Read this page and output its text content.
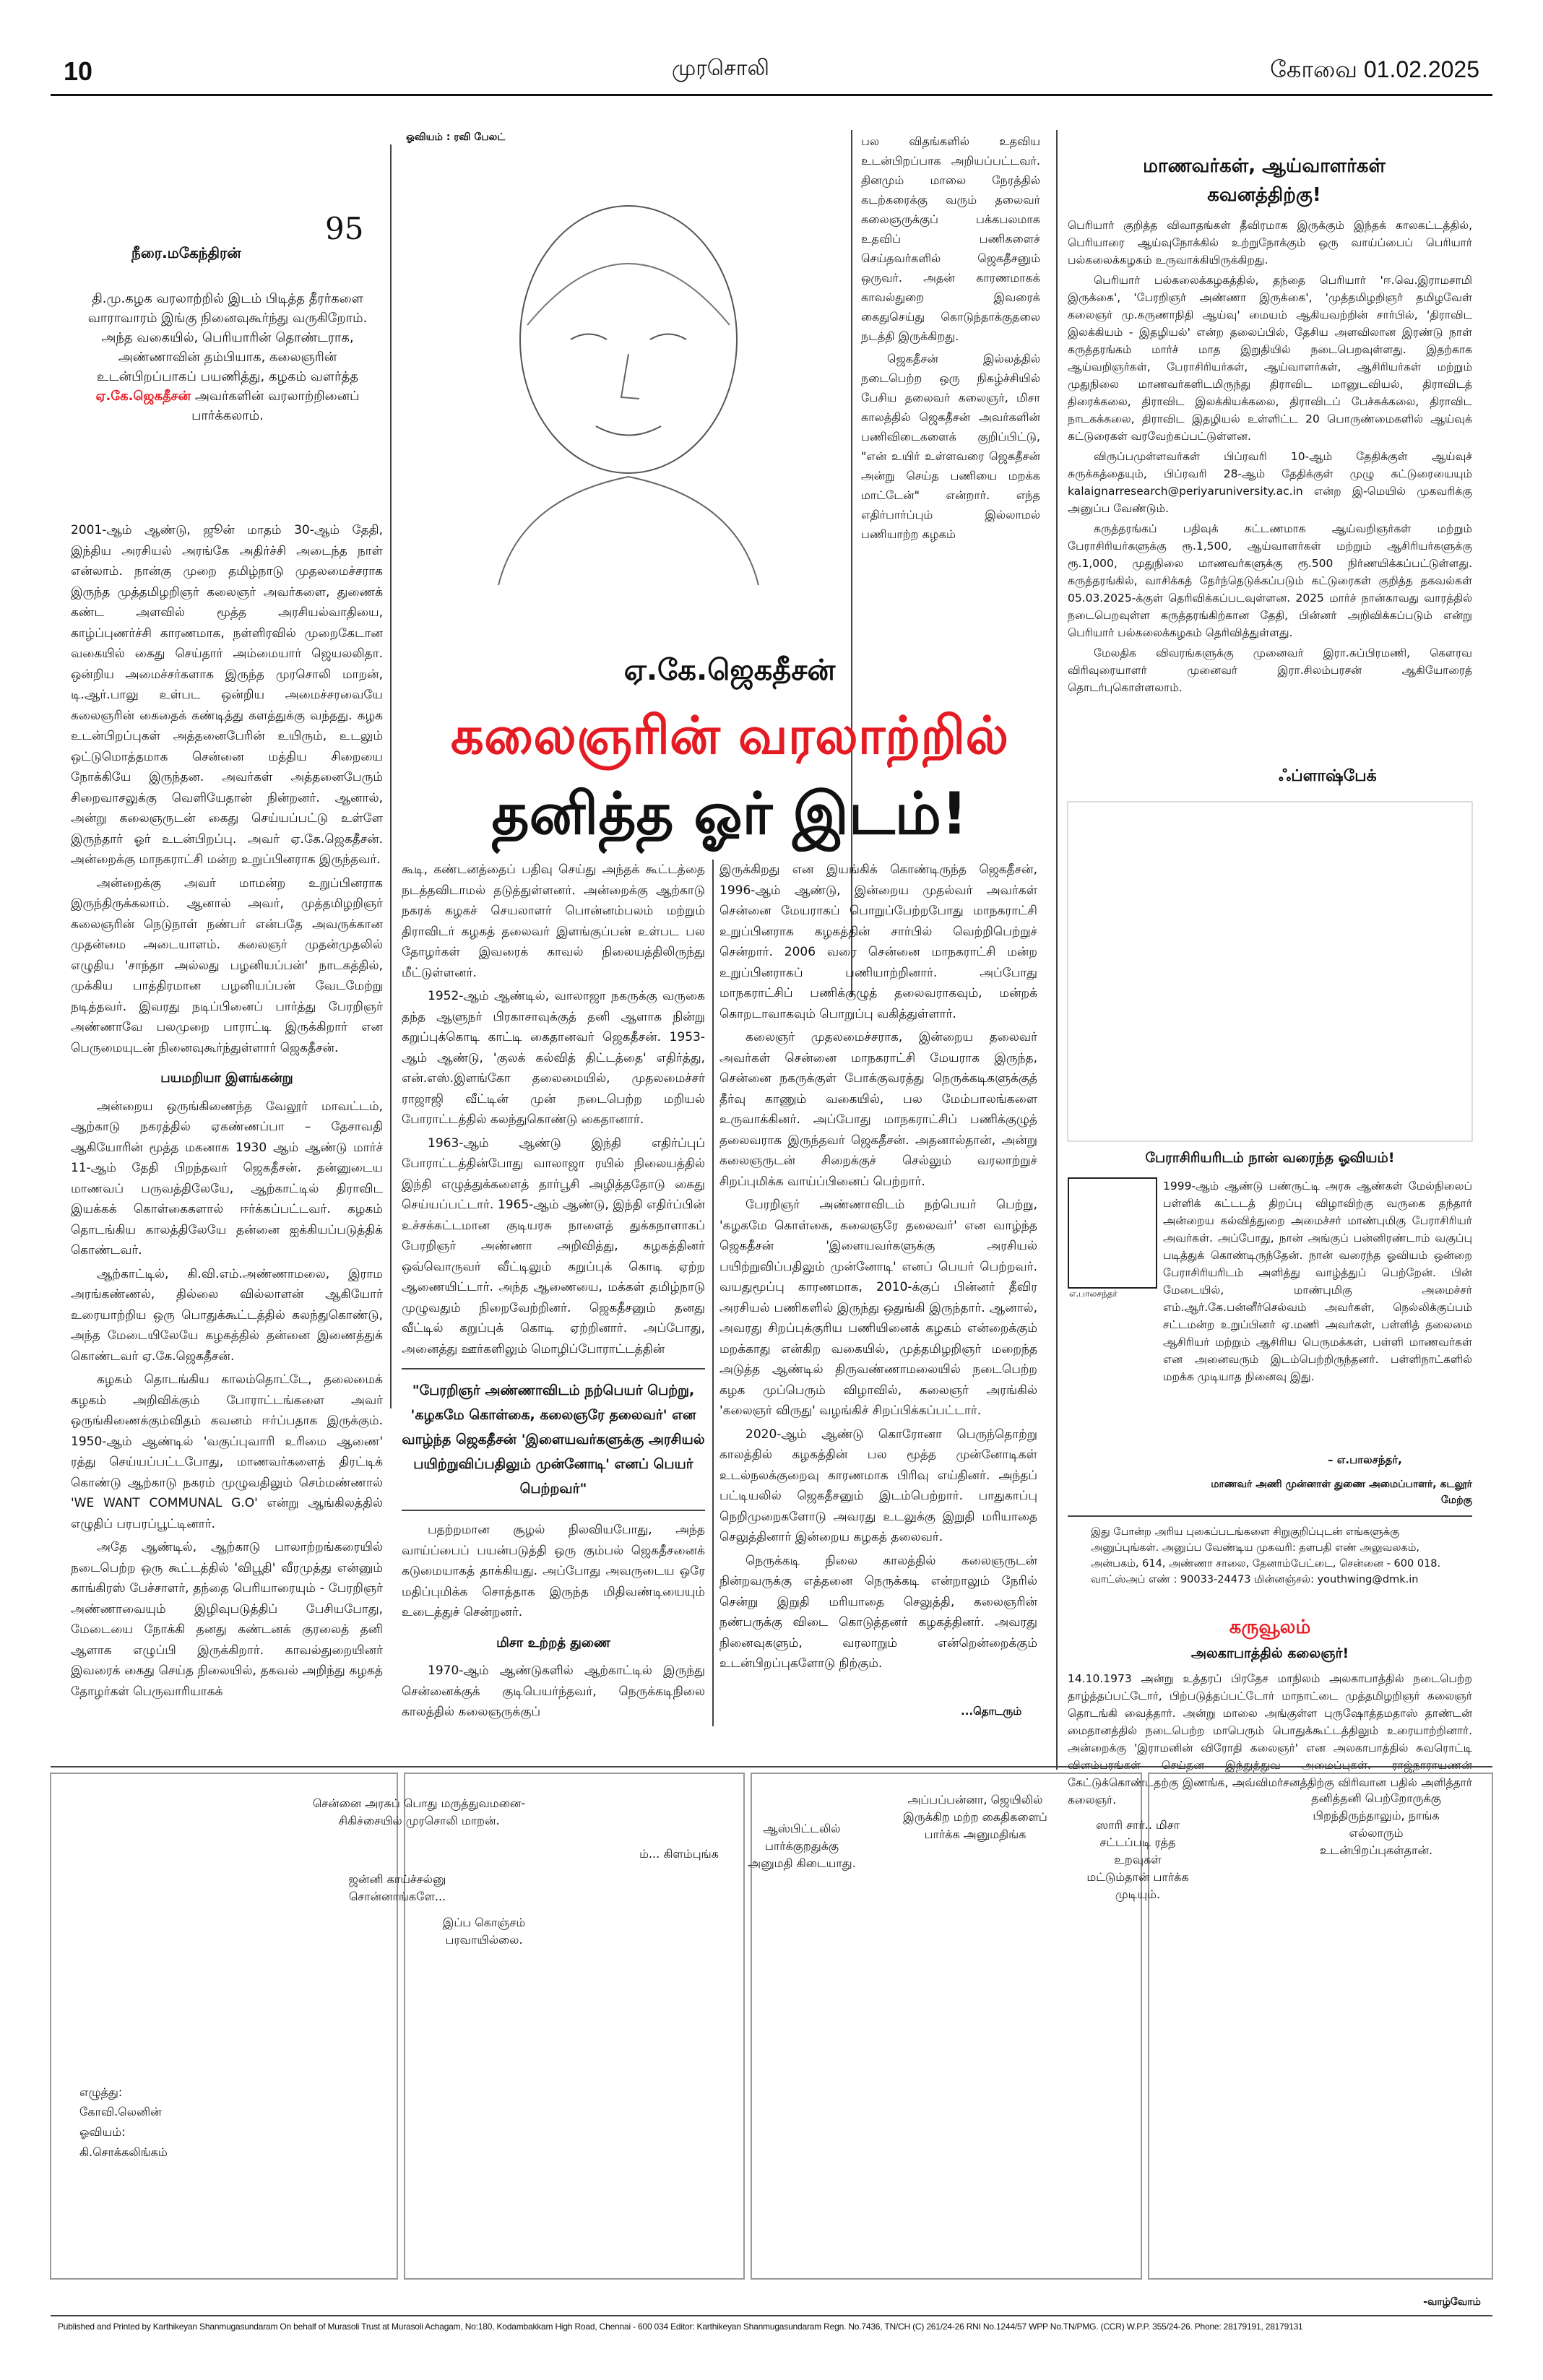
10	முரசொலி	கோவை 01.02.2025
95
நீரை.மகேந்திரன்
தி.மு.கழக வரலாற்றில் இடம் பிடித்த தீரர்களை வாராவாரம் இங்கு நினைவுகூர்ந்து வருகிறோம். அந்த வகையில், பெரியாரின் தொண்டராக, அண்ணாவின் தம்பியாக, கலைஞரின் உடன்பிறப்பாகப் பயணித்து, கழகம் வளர்த்த ஏ.கே.ஜெகதீசன் அவர்களின் வரலாற்றினைப் பார்க்கலாம்.

2001-ஆம் ஆண்டு, ஜூன் மாதம் 30-ஆம் தேதி, இந்திய அரசியல் அரங்கே அதிர்ச்சி அடைந்த நாள் என்லாம். நான்கு முறை தமிழ்நாடு முதலமைச்சராக இருந்த முத்தமிழறிஞர் கலைஞர் அவர்களை, துணைக் கண்ட அளவில் மூத்த அரசியல்வாதியை, காழ்ப்புணர்ச்சி காரணமாக, நள்ளிரவில் முறைகேடான வகையில் கைது செய்தார் அம்மையார் ஜெயலலிதா. ஒன்றிய அமைச்சர்களாக இருந்த முரசொலி மாறன், டி.ஆர்.பாலு உள்பட ஒன்றிய அமைச்சரவையே கலைஞரின் கைதைக் கண்டித்து களத்துக்கு வந்தது. கழக உடன்பிறப்புகள் அத்தனைபேரின் உயிரும், உடலும் ஒட்டுமொத்தமாக சென்னை மத்திய சிறையை நோக்கியே இருந்தன. அவர்கள் அத்தனைபேரும் சிறைவாசலுக்கு வெளியேதான் நின்றனர். ஆனால், அன்று கலைஞருடன் கைது செய்யப்பட்டு உள்ளே இருந்தார் ஓர் உடன்பிறப்பு. அவர் ஏ.கே.ஜெகதீசன். அன்றைக்கு மாநகராட்சி மன்ற உறுப்பினராக இருந்தவர்.

அன்றைக்கு அவர் மாமன்ற உறுப்பினராக இருந்திருக்கலாம். ஆனால் அவர், முத்தமிழறிஞர் கலைஞரின் நெடுநாள் நண்பர் என்பதே அவருக்கான முதன்மை அடையாளம். கலைஞர் முதன்முதலில் எழுதிய 'சாந்தா அல்லது பழனியப்பன்' நாடகத்தில், முக்கிய பாத்திரமான பழனியப்பன் வேடமேற்று நடித்தவர். இவரது நடிப்பினைப் பார்த்து பேரறிஞர் அண்ணாவே பலமுறை பாராட்டி இருக்கிறார் என பெருமையுடன் நினைவுகூர்ந்துள்ளார் ஜெகதீசன்.

பயமறியா இளங்கன்று

அன்றைய ஒருங்கிணைந்த வேலூர் மாவட்டம், ஆற்காடு நகரத்தில் ஏகண்ணப்பா – தேசாவதி ஆகியோரின் மூத்த மகனாக 1930 ஆம் ஆண்டு மார்ச் 11-ஆம் தேதி பிறந்தவர் ஜெகதீசன். தன்னுடைய மாணவப் பருவத்திலேயே, ஆற்காட்டில் திராவிட இயக்கக் கொள்கைகளால் ஈர்க்கப்பட்டவர். கழகம் தொடங்கிய காலத்திலேயே தன்னை ஐக்கியப்படுத்திக் கொண்டவர்.

ஆற்காட்டில், கி.வி.எம்.அண்ணாமலை, இராம அரங்கண்ணல், தில்லை வில்லாளன் ஆகியோர் உரையாற்றிய ஒரு பொதுக்கூட்டத்தில் கலந்துகொண்டு, அந்த மேடையிலேயே கழகத்தில் தன்னை இணைத்துக் கொண்டவர் ஏ.கே.ஜெகதீசன்.

கழகம் தொடங்கிய காலம்தொட்டே, தலைமைக் கழகம் அறிவிக்கும் போராட்டங்களை அவர் ஒருங்கிணைக்கும்விதம் கவனம் ஈர்ப்பதாக இருக்கும். 1950-ஆம் ஆண்டில் 'வகுப்புவாரி உரிமை ஆணை' ரத்து செய்யப்பட்டபோது, மாணவர்களைத் திரட்டிக் கொண்டு ஆற்காடு நகரம் முழுவதிலும் செம்மண்ணால் 'WE WANT COMMUNAL G.O' என்று ஆங்கிலத்தில் எழுதிப் பரபரப்பூட்டினார்.

அதே ஆண்டில், ஆற்காடு பாலாற்றங்கரையில் நடைபெற்ற ஒரு கூட்டத்தில் 'விபூதி' வீரமுத்து என்னும் காங்கிரஸ் பேச்சாளர், தந்தை பெரியாரையும் - பேரறிஞர் அண்ணாவையும் இழிவுபடுத்திப் பேசியபோது, மேடையை நோக்கி தனது கண்டனக் குரலைத் தனி ஆளாக எழுப்பி இருக்கிறார். காவல்துறையினர் இவரைக் கைது செய்த நிலையில், தகவல் அறிந்து கழகத் தோழர்கள் பெருவாரியாகக்

ஓவியம் : ரவி பேலட்	பல விதங்களில் உதவிய உடன்பிறப்பாக அறியப்பட்டவர். தினமும் மாலை நேரத்தில் கடற்கரைக்கு வரும் தலைவர் கலைஞருக்குப் பக்கபலமாக உதவிப் பணிகளைச் செய்தவர்களில் ஜெகதீசனும் ஒருவர். அதன் காரணமாகக் காவல்துறை இவரைக் கைதுசெய்து கொடுந்தாக்குதலை நடத்தி இருக்கிறது.

ஜெகதீசன் இல்லத்தில் நடைபெற்ற ஒரு நிகழ்ச்சியில் பேசிய தலைவர் கலைஞர், மிசா காலத்தில் ஜெகதீசன் அவர்களின் பணிவிடைகளைக் குறிப்பிட்டு, "என் உயிர் உள்ளவரை ஜெகதீசன் அன்று செய்த பணியை மறக்க மாட்டேன்" என்றார். எந்த எதிர்பார்ப்பும் இல்லாமல் பணியாற்ற கழகம்

ஏ.கே.ஜெகதீசன்
கலைஞரின் வரலாற்றில்
தனித்த ஓர் இடம்!

கூடி, கண்டனத்தைப் பதிவு செய்து அந்தக் கூட்டத்தை நடத்தவிடாமல் தடுத்துள்ளனர். அன்றைக்கு ஆற்காடு நகரக் கழகச் செயலாளர் பொன்னம்பலம் மற்றும் திராவிடர் கழகத் தலைவர் இளங்குப்பன் உள்பட பல தோழர்கள் இவரைக் காவல் நிலையத்திலிருந்து மீட்டுள்ளனர்.

1952-ஆம் ஆண்டில், வாலாஜா நகருக்கு வருகை தந்த ஆளுநர் பிரகாசாவுக்குத் தனி ஆளாக நின்று கறுப்புக்கொடி காட்டி கைதானவர் ஜெகதீசன். 1953-ஆம் ஆண்டு, 'குலக் கல்வித் திட்டத்தை' எதிர்த்து, என்.எஸ்.இளங்கோ தலைமையில், முதலமைச்சர் ராஜாஜி வீட்டின் முன் நடைபெற்ற மறியல் போராட்டத்தில் கலந்துகொண்டு கைதானார்.

1963-ஆம் ஆண்டு இந்தி எதிர்ப்புப் போராட்டத்தின்போது வாலாஜா ரயில் நிலையத்தில் இந்தி எழுத்துக்களைத் தார்பூசி அழித்ததோடு கைது செய்யப்பட்டார். 1965-ஆம் ஆண்டு, இந்தி எதிர்ப்பின் உச்சக்கட்டமான குடியரசு நாளைத் துக்கநாளாகப் பேரறிஞர் அண்ணா அறிவித்து, கழகத்தினர் ஒவ்வொருவர் வீட்டிலும் கறுப்புக் கொடி ஏற்ற ஆணையிட்டார். அந்த ஆணையை, மக்கள் தமிழ்நாடு முழுவதும் நிறைவேற்றினர். ஜெகதீசனும் தனது வீட்டில் கறுப்புக் கொடி ஏற்றினார். அப்போது, அனைத்து ஊர்களிலும் மொழிப்போராட்டத்தின்

"பேரறிஞர் அண்ணாவிடம் நற்பெயர் பெற்று, 'கழகமே கொள்கை, கலைஞரே தலைவர்' என வாழ்ந்த ஜெகதீசன் 'இளையவர்களுக்கு அரசியல் பயிற்றுவிப்பதிலும் முன்னோடி' எனப் பெயர் பெற்றவர்"

பதற்றமான சூழல் நிலவியபோது, அந்த வாய்ப்பைப் பயன்படுத்தி ஒரு கும்பல் ஜெகதீசனைக் கடுமையாகத் தாக்கியது. அப்போது அவருடைய ஒரே மதிப்புமிக்க சொத்தாக இருந்த மிதிவண்டியையும் உடைத்துச் சென்றனர்.

மிசா உற்றத் துணை

1970-ஆம் ஆண்டுகளில் ஆற்காட்டில் இருந்து சென்னைக்குக் குடிபெயர்ந்தவர், நெருக்கடிநிலை காலத்தில் கலைஞருக்குப்

இருக்கிறது என இயங்கிக் கொண்டிருந்த ஜெகதீசன், 1996-ஆம் ஆண்டு, இன்றைய முதல்வர் அவர்கள் சென்னை மேயராகப் பொறுப்பேற்றபோது மாநகராட்சி உறுப்பினராக கழகத்தின் சார்பில் வெற்றிபெற்றுச் சென்றார். 2006 வரை சென்னை மாநகராட்சி மன்ற உறுப்பினராகப் பணியாற்றினார். அப்போது மாநகராட்சிப் பணிக்குழுத் தலைவராகவும், மன்றக் கொறடாவாகவும் பொறுப்பு வகித்துள்ளார்.

கலைஞர் முதலமைச்சராக, இன்றைய தலைவர் அவர்கள் சென்னை மாநகராட்சி மேயராக இருந்த, சென்னை நகருக்குள் போக்குவரத்து நெருக்கடிகளுக்குத் தீர்வு காணும் வகையில், பல மேம்பாலங்களை உருவாக்கினர். அப்போது மாநகராட்சிப் பணிக்குழுத் தலைவராக இருந்தவர் ஜெகதீசன். அதனால்தான், அன்று கலைஞருடன் சிறைக்குச் செல்லும் வரலாற்றுச் சிறப்புமிக்க வாய்ப்பினைப் பெற்றார்.

பேரறிஞர் அண்ணாவிடம் நற்பெயர் பெற்று, 'கழகமே கொள்கை, கலைஞரே தலைவர்' என வாழ்ந்த ஜெகதீசன் 'இளையவர்களுக்கு அரசியல் பயிற்றுவிப்பதிலும் முன்னோடி' எனப் பெயர் பெற்றவர். வயதுமூப்பு காரணமாக, 2010-க்குப் பின்னர் தீவிர அரசியல் பணிகளில் இருந்து ஒதுங்கி இருந்தார். ஆனால், அவரது சிறப்புக்குரிய பணியினைக் கழகம் என்றைக்கும் மறக்காது என்கிற வகையில், முத்தமிழறிஞர் மறைந்த அடுத்த ஆண்டில் திருவண்ணாமலையில் நடைபெற்ற கழக முப்பெரும் விழாவில், கலைஞர் அரங்கில் 'கலைஞர் விருது' வழங்கிச் சிறப்பிக்கப்பட்டார்.

2020-ஆம் ஆண்டு கொரோனா பெருந்தொற்று காலத்தில் கழகத்தின் பல மூத்த முன்னோடிகள் உடல்நலக்குறைவு காரணமாக பிரிவு எய்தினர். அந்தப் பட்டியலில் ஜெகதீசனும் இடம்பெற்றார். பாதுகாப்பு நெறிமுறைகளோடு அவரது உடலுக்கு இறுதி மரியாதை செலுத்தினார் இன்றைய கழகத் தலைவர்.

நெருக்கடி நிலை காலத்தில் கலைஞருடன் நின்றவருக்கு எத்தனை நெருக்கடி என்றாலும் நேரில் சென்று இறுதி மரியாதை செலுத்தி, கலைஞரின் நண்பருக்கு விடை கொடுத்தனர் கழகத்தினர். அவரது நினைவுகளும், வரலாறும் என்றென்றைக்கும் உடன்பிறப்புகளோடு நிற்கும்.

...தொடரும்
மாணவர்கள், ஆய்வாளர்கள் கவனத்திற்கு!

பெரியார் குறித்த விவாதங்கள் தீவிரமாக இருக்கும் இந்தக் காலகட்டத்தில், பெரியாரை ஆய்வுநோக்கில் உற்றுநோக்கும் ஒரு வாய்ப்பைப் பெரியார் பல்கலைக்கழகம் உருவாக்கியிருக்கிறது.

பெரியார் பல்கலைக்கழகத்தில், தந்தை பெரியார் 'ஈ.வெ.இராமசாமி இருக்கை', 'பேரறிஞர் அண்ணா இருக்கை', 'முத்தமிழறிஞர் தமிழவேள் கலைஞர் மு.கருணாநிதி ஆய்வு' மையம் ஆகியவற்றின் சார்பில், 'திராவிட இலக்கியம் - இதழியல்' என்ற தலைப்பில், தேசிய அளவிலான இரண்டு நாள் கருத்தரங்கம் மார்ச் மாத இறுதியில் நடைபெறவுள்ளது. இதற்காக ஆய்வறிஞர்கள், பேராசிரியர்கள், ஆய்வாளர்கள், ஆசிரியர்கள் மற்றும் முதுநிலை மாணவர்களிடமிருந்து திராவிட மானுடவியல், திராவிடத் திரைக்கலை, திராவிட இலக்கியக்கலை, திராவிடப் பேச்சுக்கலை, திராவிட நாடகக்கலை, திராவிட இதழியல் உள்ளிட்ட 20 பொருண்மைகளில் ஆய்வுக் கட்டுரைகள் வரவேற்கப்பட்டுள்ளன.

விருப்பமுள்ளவர்கள் பிப்ரவரி 10-ஆம் தேதிக்குள் ஆய்வுச் சுருக்கத்தையும், பிப்ரவரி 28-ஆம் தேதிக்குள் முழு கட்டுரையையும் kalaignarresearch@periyaruniversity.ac.in என்ற இ-மெயில் முகவரிக்கு அனுப்ப வேண்டும்.

கருத்தரங்கப் பதிவுக் கட்டணமாக ஆய்வறிஞர்கள் மற்றும் பேராசிரியர்களுக்கு ரூ.1,500, ஆய்வாளர்கள் மற்றும் ஆசிரியர்களுக்கு ரூ.1,000, முதுநிலை மாணவர்களுக்கு ரூ.500 நிர்ணயிக்கப்பட்டுள்ளது. கருத்தரங்கில், வாசிக்கத் தேர்ந்தெடுக்கப்படும் கட்டுரைகள் குறித்த தகவல்கள் 05.03.2025-க்குள் தெரிவிக்கப்படவுள்ளன. 2025 மார்ச் நான்காவது வாரத்தில் நடைபெறவுள்ள கருத்தரங்கிற்கான தேதி, பின்னர் அறிவிக்கப்படும் என்று பெரியார் பல்கலைக்கழகம் தெரிவித்துள்ளது.

மேலதிக விவரங்களுக்கு முனைவர் இரா.சுப்பிரமணி, கௌரவ விரிவுரையாளர் முனைவர் இரா.சிலம்பரசன் ஆகியோரைத் தொடர்புகொள்ளலாம்.

ஃப்ளாஷ்பேக்
பேராசிரியரிடம் நான் வரைந்த ஓவியம்!

1999-ஆம் ஆண்டு பண்ருட்டி அரசு ஆண்கள் மேல்நிலைப் பள்ளிக் கட்டடத் திறப்பு விழாவிற்கு வருகை தந்தார் அன்றைய கல்வித்துறை அமைச்சர் மாண்புமிகு பேராசிரியர் அவர்கள். அப்போது, நான் அங்குப் பன்னிரண்டாம் வகுப்பு படித்துக் கொண்டிருந்தேன். நான் வரைந்த ஓவியம் ஒன்றை பேராசிரியரிடம் அளித்து வாழ்த்துப் பெற்றேன். பின் மேடையில், மாண்புமிகு அமைச்சர் எம்.ஆர்.கே.பன்னீர்செல்வம் அவர்கள், நெல்லிக்குப்பம் சட்டமன்ற உறுப்பினர் ஏ.மணி அவர்கள், பள்ளித் தலைமை ஆசிரியர் மற்றும் ஆசிரிய பெருமக்கள், பள்ளி மாணவர்கள் என அனைவரும் இடம்பெற்றிருந்தனர். பள்ளிநாட்களில் மறக்க முடியாத நினைவு இது.

எ.பாலசந்தர்
– எ.பாலசந்தர்,
மாணவர் அணி முன்னாள் துணை அமைப்பாளர், கடலூர் மேற்கு
இது போன்ற அரிய புகைப்படங்களை சிறுகுறிப்புடன் எங்களுக்கு அனுப்புங்கள். அனுப்ப வேண்டிய முகவரி: தளபதி எண் அலுவலகம், அன்பகம், 614, அண்ணா சாலை, தேனாம்பேட்டை, சென்னை - 600 018. வாட்ஸ்அப் எண் : 90033-24473 மின்னஞ்சல்: youthwing@dmk.in
கருவூலம்
அலகாபாத்தில் கலைஞர்!

14.10.1973 அன்று உத்தரப் பிரதேச மாநிலம் அலகாபாத்தில் நடைபெற்ற தாழ்த்தப்பட்டோர், பிற்படுத்தப்பட்டோர் மாநாட்டை முத்தமிழறிஞர் கலைஞர் தொடங்கி வைத்தார். அன்று மாலை அங்குள்ள புருஷோத்தமதாஸ் தாண்டன் மைதானத்தில் நடைபெற்ற மாபெரும் பொதுக்கூட்டத்திலும் உரையாற்றினார். அன்றைக்கு 'இராமனின் விரோதி கலைஞர்' என அலகாபாத்தில் சுவரொட்டி விளம்பரங்கள் செய்தன இந்துத்துவ அமைப்புகள். ராஜ்நாராயணன் கேட்டுக்கொண்டதற்கு இணங்க, அவ்விமர்சனத்திற்கு விரிவான பதில் அளித்தார் கலைஞர்.

சென்னை அரசுப் பொது மருத்துவமனை- சிகிச்சையில் முரசொலி மாறன்.
ஜன்னி காய்ச்சல்னு சொன்னாங்களே...
ம்... கிளம்புங்க
இப்ப கொஞ்சம் பரவாயில்லை.
ஆஸ்பிட்டலில் பார்க்குறதுக்கு அனுமதி கிடையாது.
அப்பப்பன்னா, ஜெயிலில் இருக்கிற மற்ற கைதிகளைப் பார்க்க அனுமதிங்க
ஸாரி சார்.. மிசா சட்டப்படி ரத்த உறவுகள் மட்டும்தான் பார்க்க முடியும்.
தனித்தனி பெற்றோருக்கு பிறந்திருந்தாலும், நாங்க எல்லாரும் உடன்பிறப்புகள்தான்.
எழுத்து:
கோவி.லெனின்
ஓவியம்:
கி.சொக்கலிங்கம்
-வாழ்வோம்
Published and Printed by Karthikeyan Shanmugasundaram On behalf of Murasoli Trust at Murasoli Achagam, No:180, Kodambakkam High Road, Chennai - 600 034 Editor: Karthikeyan Shanmugasundaram Regn. No.7436, TN/CH (C) 261/24-26 RNI No.1244/57 WPP No.TN/PMG. (CCR) W.P.P. 355/24-26. Phone: 28179191, 28179131
